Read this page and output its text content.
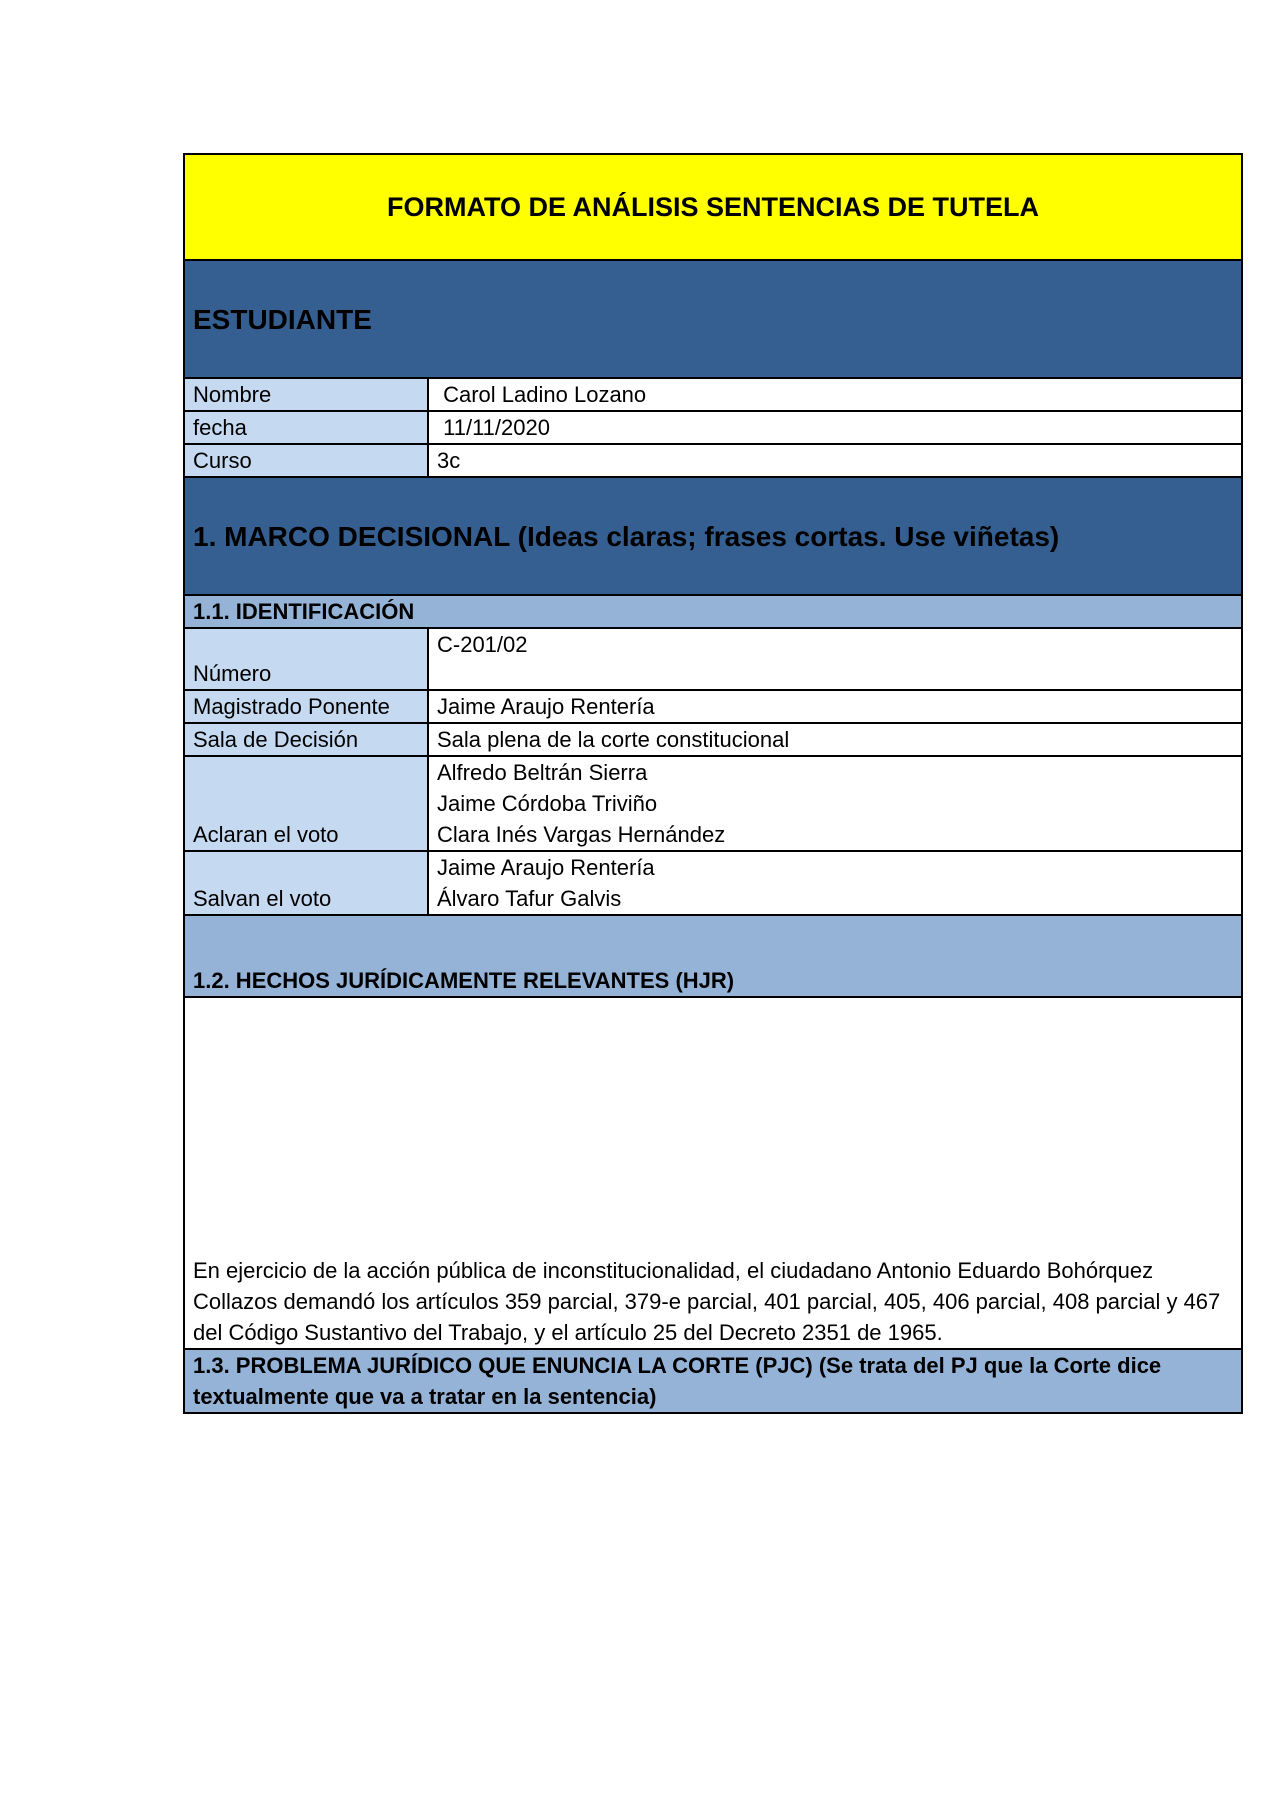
FORMATO DE ANÁLISIS SENTENCIAS DE TUTELA	
ESTUDIANTE	
Nombre	Carol Ladino Lozano
fecha	11/11/2020
Curso	3c
1. MARCO DECISIONAL (Ideas claras; frases cortas. Use viñetas)	
1.1. IDENTIFICACIÓN	
Número	C-201/02
Magistrado Ponente	Jaime Araujo Rentería
Sala de Decisión	Sala plena de la corte constitucional
Aclaran el voto	Alfredo Beltrán Sierra
Jaime Córdoba Triviño
Clara Inés Vargas Hernández

Salvan el voto	Jaime Araujo Rentería
Álvaro Tafur Galvis

1.2. HECHOS JURÍDICAMENTE RELEVANTES (HJR)	
En ejercicio de la acción pública de inconstitucionalidad, el ciudadano Antonio Eduardo Bohórquez Collazos demandó los artículos 359 parcial, 379-e parcial, 401 parcial, 405, 406 parcial, 408 parcial y 467 del Código Sustantivo del Trabajo, y el artículo 25 del Decreto 2351 de 1965.	
1.3. PROBLEMA JURÍDICO QUE ENUNCIA LA CORTE (PJC) (Se trata del PJ que la Corte dice textualmente que va a tratar en la sentencia)	
